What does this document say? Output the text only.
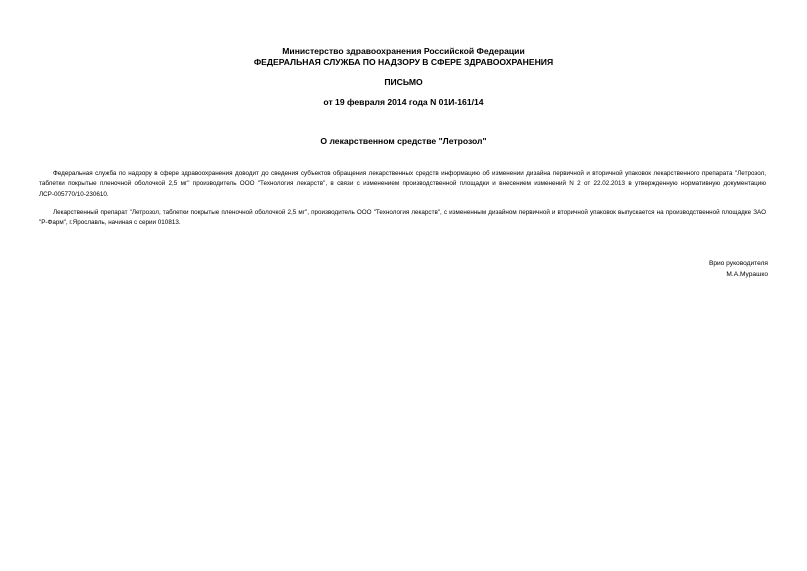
Министерство здравоохранения Российской Федерации
ФЕДЕРАЛЬНАЯ СЛУЖБА ПО НАДЗОРУ В СФЕРЕ ЗДРАВООХРАНЕНИЯ
ПИСЬМО
от 19 февраля 2014 года N 01И-161/14
О лекарственном средстве "Летрозол"
Федеральная служба по надзору в сфере здравоохранения доводит до сведения субъектов обращения лекарственных средств информацию об изменении дизайна первичной и вторичной упаковок лекарственного препарата "Летрозол, таблетки покрытые пленочной оболочкой 2,5 мг" производитель ООО "Технология лекарств", в связи с изменением производственной площадки и внесением изменений N 2 от 22.02.2013 в утвержденную нормативную документацию ЛСР-005770/10-230610.
Лекарственный препарат "Летрозол, таблетки покрытые пленочной оболочкой 2,5 мг", производитель ООО "Технология лекарств", с измененным дизайном первичной и вторичной упаковок выпускается на производственной площадке ЗАО "Р-Фарм", г.Ярославль, начиная с серии 010813.
Врио руководителя
М.А.Мурашко
